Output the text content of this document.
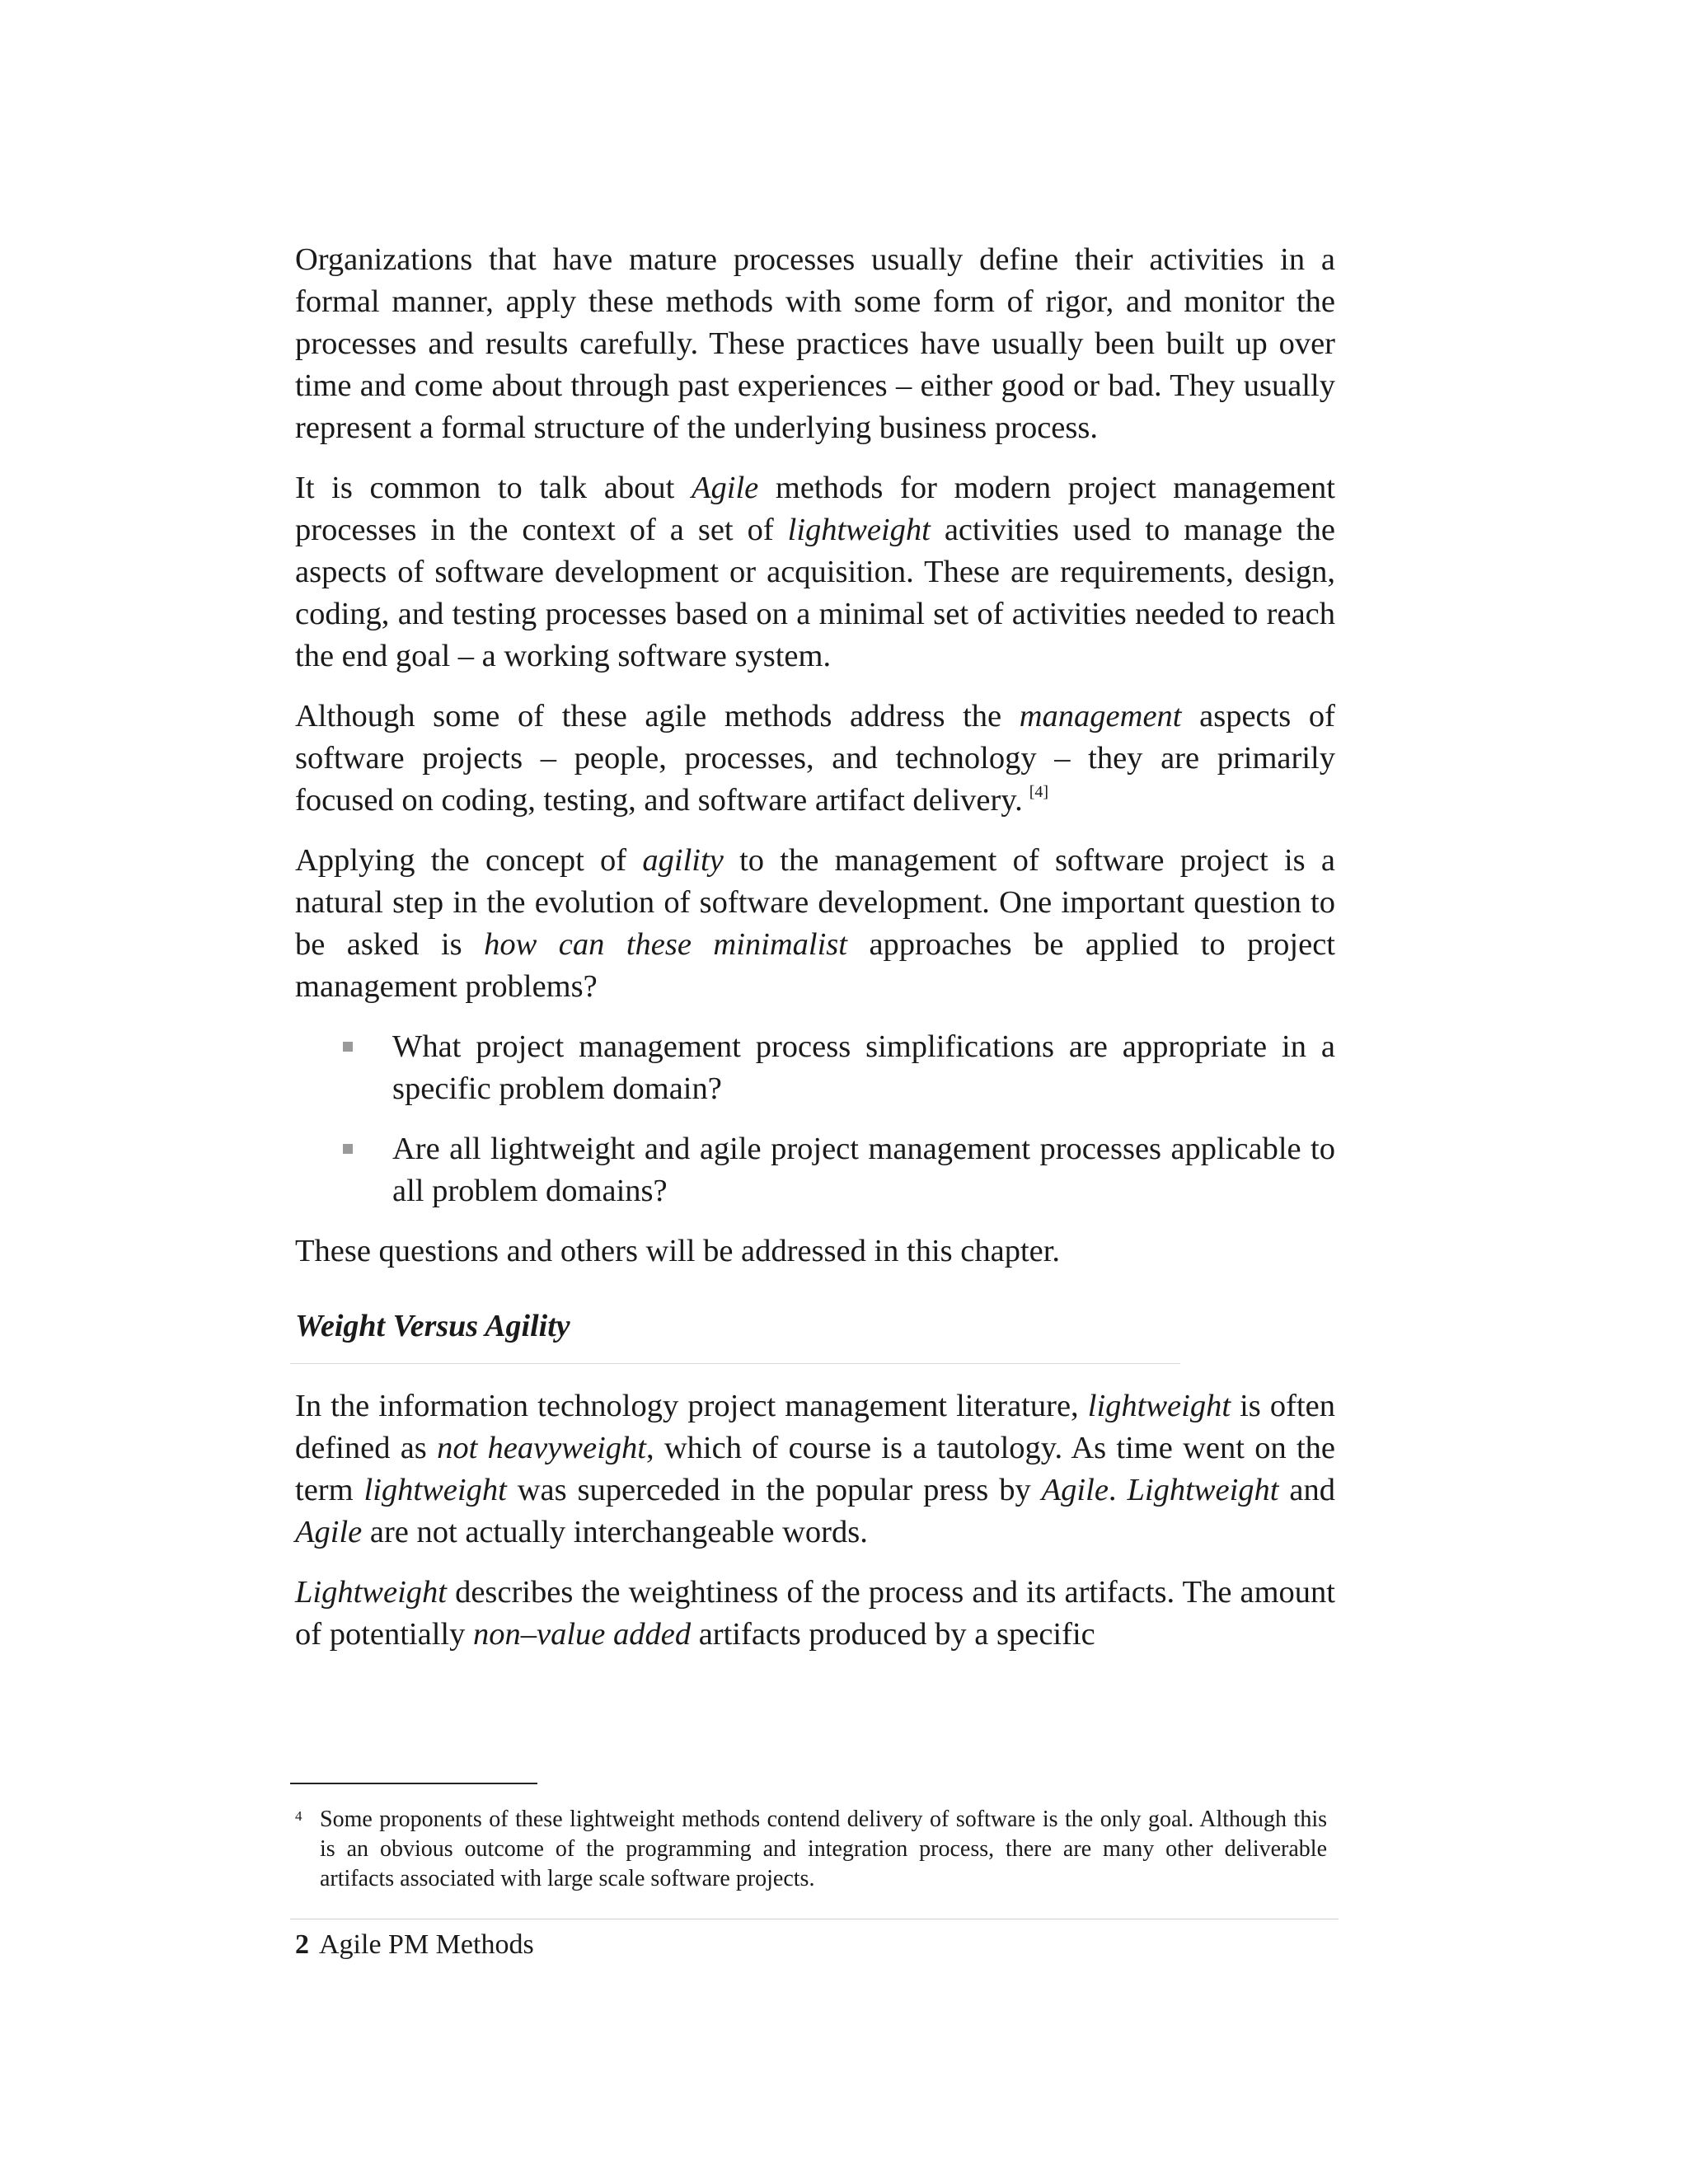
Organizations that have mature processes usually define their activities in a formal manner, apply these methods with some form of rigor, and monitor the processes and results carefully. These practices have usually been built up over time and come about through past experiences – either good or bad. They usually represent a formal structure of the underlying business process.

It is common to talk about Agile methods for modern project management processes in the context of a set of lightweight activities used to manage the aspects of software development or acquisition. These are requirements, design, coding, and testing processes based on a minimal set of activities needed to reach the end goal – a working software system.

Although some of these agile methods address the management aspects of software projects – people, processes, and technology – they are primarily focused on coding, testing, and software artifact delivery. [4]

Applying the concept of agility to the management of software project is a natural step in the evolution of software development. One important question to be asked is how can these minimalist approaches be applied to project management problems?

What project management process simplifications are appropriate in a specific problem domain?
Are all lightweight and agile project management processes applicable to all problem domains?

These questions and others will be addressed in this chapter.

Weight Versus Agility

In the information technology project management literature, lightweight is often defined as not heavyweight, which of course is a tautology. As time went on the term lightweight was superceded in the popular press by Agile. Lightweight and Agile are not actually interchangeable words.

Lightweight describes the weightiness of the process and its artifacts. The amount of potentially non–value added artifacts produced by a specific

4 Some proponents of these lightweight methods contend delivery of software is the only goal. Although this is an obvious outcome of the programming and integration process, there are many other deliverable artifacts associated with large scale software projects.
2 Agile PM Methods
